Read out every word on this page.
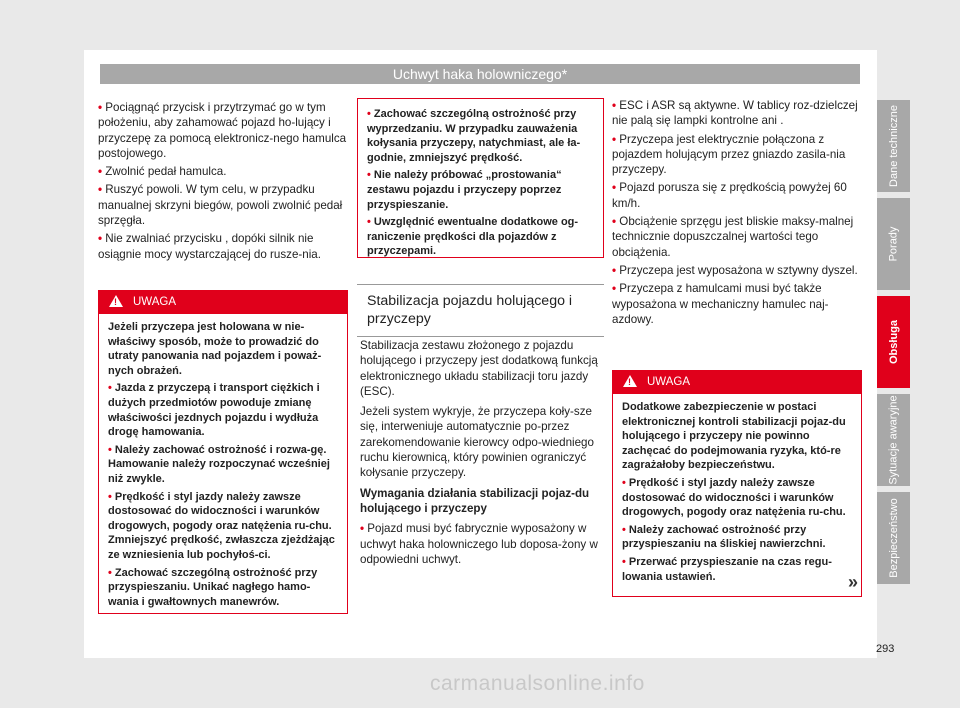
Uchwyt haka holowniczego*

• Pociągnąć przycisk i przytrzymać go w tym położeniu, aby zahamować pojazd ho-lujący i przyczepę za pomocą elektronicz-nego hamulca postojowego.

• Zwolnić pedał hamulca.

• Ruszyć powoli. W tym celu, w przypadku manualnej skrzyni biegów, powoli zwolnić pedał sprzęgła.

• Nie zwalniać przycisku , dopóki silnik nie osiągnie mocy wystarczającej do rusze-nia.

! UWAGA

Jeżeli przyczepa jest holowana w nie-właściwy sposób, może to prowadzić do utraty panowania nad pojazdem i poważ-nych obrażeń.

• Jazda z przyczepą i transport ciężkich i dużych przedmiotów powoduje zmianę właściwości jezdnych pojazdu i wydłuża drogę hamowania.

• Należy zachować ostrożność i rozwa-gę. Hamowanie należy rozpoczynać wcześniej niż zwykle.

• Prędkość i styl jazdy należy zawsze dostosować do widoczności i warunków drogowych, pogody oraz natężenia ru-chu. Zmniejszyć prędkość, zwłaszcza zjeżdżając ze wzniesienia lub pochyłoś-ci.

• Zachować szczególną ostrożność przy przyspieszaniu. Unikać nagłego hamo-wania i gwałtownych manewrów.

• Zachować szczególną ostrożność przy wyprzedzaniu. W przypadku zauważenia kołysania przyczepy, natychmiast, ale ła-godnie, zmniejszyć prędkość.

• Nie należy próbować „prostowania“ zestawu pojazdu i przyczepy poprzez przyspieszanie.

• Uwzględnić ewentualne dodatkowe og-raniczenie prędkości dla pojazdów z przyczepami.

Stabilizacja pojazdu holującego i przyczepy

Stabilizacja zestawu złożonego z pojazdu holującego i przyczepy jest dodatkową funkcją elektronicznego układu stabilizacji toru jazdy (ESC).

Jeżeli system wykryje, że przyczepa koły-sze się, interweniuje automatycznie po-przez zarekomendowanie kierowcy odpo-wiedniego ruchu kierownicą, który powinien ograniczyć kołysanie przyczepy.

Wymagania działania stabilizacji pojaz-du holującego i przyczepy

• Pojazd musi być fabrycznie wyposażony w uchwyt haka holowniczego lub doposa-żony w odpowiedni uchwyt.

• ESC i ASR są aktywne. W tablicy roz-dzielczej nie palą się lampki kontrolne ani .

• Przyczepa jest elektrycznie połączona z pojazdem holującym przez gniazdo zasila-nia przyczepy.

• Pojazd porusza się z prędkością powyżej 60 km/h.

• Obciążenie sprzęgu jest bliskie maksy-malnej technicznie dopuszczalnej wartości tego obciążenia.

• Przyczepa jest wyposażona w sztywny dyszel.

• Przyczepa z hamulcami musi być także wyposażona w mechaniczny hamulec naj-azdowy.

! UWAGA

Dodatkowe zabezpieczenie w postaci elektronicznej kontroli stabilizacji pojaz-du holującego i przyczepy nie powinno zachęcać do podejmowania ryzyka, któ-re zagrażałoby bezpieczeństwu.

• Prędkość i styl jazdy należy zawsze dostosować do widoczności i warunków drogowych, pogody oraz natężenia ru-chu.

• Należy zachować ostrożność przy przyspieszaniu na śliskiej nawierzchni.

• Przerwać przyspieszanie na czas regu-lowania ustawień.	»
Dane techniczne
Porady
Obsługa
Sytuacje awaryjne
Bezpieczeństwo
293
carmanualsonline.info
